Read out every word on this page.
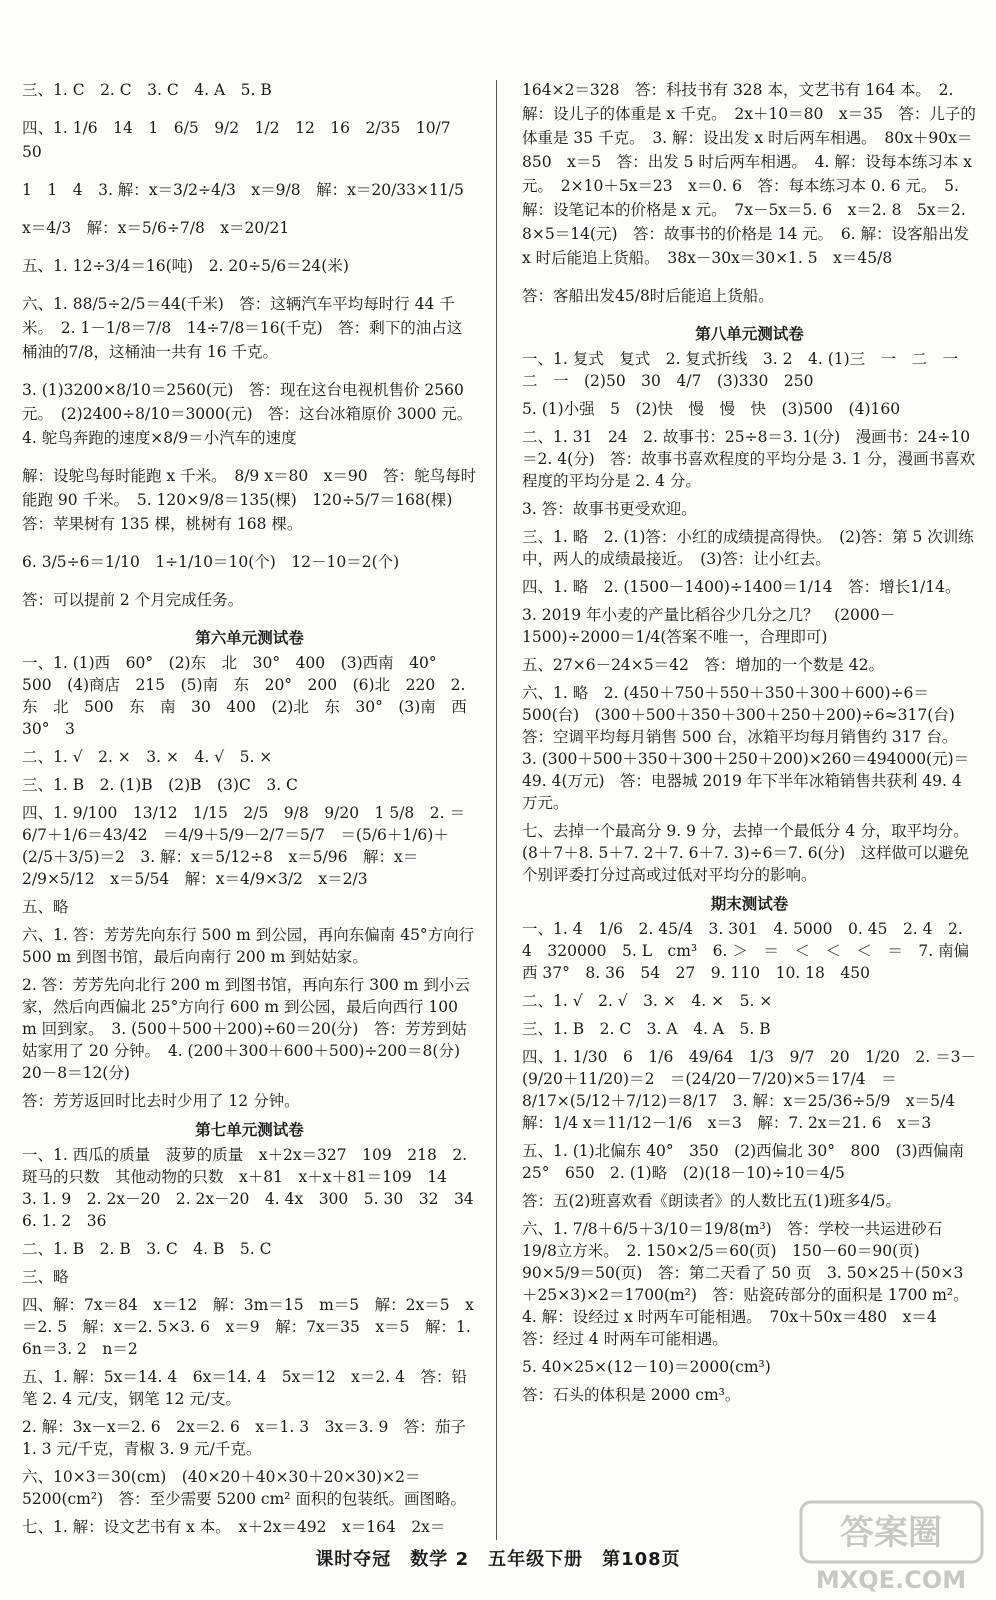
三、1. C　2. C　3. C　4. A　5. B
四、1. 1/6　14　1　6/5　9/2　1/2　12　16　2/35　10/7　50
1　1　4　3. 解：x＝3/2÷4/3　x＝9/8　解：x＝20/33×11/5
x＝4/3　解：x＝5/6÷7/8　x＝20/21
五、1. 12÷3/4＝16(吨)　2. 20÷5/6＝24(米)
六、1. 88/5÷2/5＝44(千米)　答：这辆汽车平均每时行 44 千米。　2. 1－1/8＝7/8　14÷7/8＝16(千克)　答：剩下的油占这桶油的7/8，这桶油一共有 16 千克。
3. (1)3200×8/10＝2560(元)　答：现在这台电视机售价 2560 元。　(2)2400÷8/10＝3000(元)　答：这台冰箱原价 3000 元。　4. 鸵鸟奔跑的速度×8/9＝小汽车的速度
解：设鸵鸟每时能跑 x 千米。　8/9 x＝80　x＝90　答：鸵鸟每时能跑 90 千米。　5. 120×9/8＝135(棵)　120÷5/7＝168(棵)　答：苹果树有 135 棵，桃树有 168 棵。
6. 3/5÷6＝1/10　1÷1/10＝10(个)　12－10＝2(个)
答：可以提前 2 个月完成任务。
第六单元测试卷
一、1. (1)西　60°　(2)东　北　30°　400　(3)西南　40°　500　(4)商店　215　(5)南　东　20°　200　(6)北　220　2. 东　北　500　东　南　30　400　(2)北　东　30°　(3)南　西　30°　3
二、1. √　2. ×　3. ×　4. √　5. ×
三、1. B　2. (1)B　(2)B　(3)C　3. C
四、1. 9/100　13/12　1/15　2/5　9/8　9/20　1 5/8　2. ＝6/7＋1/6＝43/42　＝4/9＋5/9－2/7＝5/7　＝(5/6＋1/6)＋(2/5＋3/5)＝2　3. 解：x＝5/12÷8　x＝5/96　解：x＝2/9×5/12　x＝5/54　解：x＝4/9×3/2　x＝2/3
五、略
六、1. 答：芳芳先向东行 500 m 到公园，再向东偏南 45°方向行 500 m 到图书馆，最后向南行 200 m 到姑姑家。
2. 答：芳芳先向北行 200 m 到图书馆，再向东行 300 m 到小云家，然后向西偏北 25°方向行 600 m 到公园，最后向西行 100 m 回到家。　3. (500＋500＋200)÷60＝20(分)　答：芳芳到姑姑家用了 20 分钟。　4. (200＋300＋600＋500)÷200＝8(分)　20－8＝12(分)
答：芳芳返回时比去时少用了 12 分钟。
第七单元测试卷
一、1. 西瓜的质量　菠萝的质量　x＋2x＝327　109　218　2. 斑马的只数　其他动物的只数　x＋81　x＋x＋81＝109　14　3. 1. 9　2. 2x－20　2. 2x－20　4. 4x　300　5. 30　32　34　6. 1. 2　36
二、1. B　2. B　3. C　4. B　5. C
三、略
四、解：7x＝84　x＝12　解：3m＝15　m＝5　解：2x＝5　x＝2. 5　解：x＝2. 5×3. 6　x＝9　解：7x＝35　x＝5　解：1. 6n＝3. 2　n＝2
五、1. 解：5x＝14. 4　6x＝14. 4　5x＝12　x＝2. 4　答：铅笔 2. 4 元/支，钢笔 12 元/支。
2. 解：3x－x＝2. 6　2x＝2. 6　x＝1. 3　3x＝3. 9　答：茄子 1. 3 元/千克，青椒 3. 9 元/千克。
六、10×3＝30(cm)　(40×20＋40×30＋20×30)×2＝5200(cm²)　答：至少需要 5200 cm² 面积的包装纸。画图略。
七、1. 解：设文艺书有 x 本。　x＋2x＝492　x＝164　2x＝
164×2＝328　答：科技书有 328 本，文艺书有 164 本。　2. 解：设儿子的体重是 x 千克。　2x＋10＝80　x＝35　答：儿子的体重是 35 千克。　3. 解：设出发 x 时后两车相遇。　80x＋90x＝850　x＝5　答：出发 5 时后两车相遇。　4. 解：设每本练习本 x 元。　2×10＋5x＝23　x＝0. 6　答：每本练习本 0. 6 元。　5. 解：设笔记本的价格是 x 元。　7x－5x＝5. 6　x＝2. 8　5x＝2. 8×5＝14(元)　答：故事书的价格是 14 元。　6. 解：设客船出发 x 时后能追上货船。　38x－30x＝30×1. 5　x＝45/8
答：客船出发45/8时后能追上货船。
第八单元测试卷
一、1. 复式　复式　2. 复式折线　3. 2　4. (1)三　一　二　一　二　一　(2)50　30　4/7　(3)330　250
5. (1)小强　5　(2)快　慢　慢　快　(3)500　(4)160
二、1. 31　24　2. 故事书：25÷8＝3. 1(分)　漫画书：24÷10＝2. 4(分)　答：故事书喜欢程度的平均分是 3. 1 分，漫画书喜欢程度的平均分是 2. 4 分。
3. 答：故事书更受欢迎。
三、1. 略　2. (1)答：小红的成绩提高得快。　(2)答：第 5 次训练中，两人的成绩最接近。　(3)答：让小红去。
四、1. 略　2. (1500－1400)÷1400＝1/14　答：增长1/14。
3. 2019 年小麦的产量比稻谷少几分之几？　(2000－1500)÷2000＝1/4(答案不唯一，合理即可)
五、27×6－24×5＝42　答：增加的一个数是 42。
六、1. 略　2. (450＋750＋550＋350＋300＋600)÷6＝500(台)　(300＋500＋350＋300＋250＋200)÷6≈317(台)　答：空调平均每月销售 500 台，冰箱平均每月销售约 317 台。　3. (300＋500＋350＋300＋250＋200)×260＝494000(元)＝49. 4(万元)　答：电器城 2019 年下半年冰箱销售共获利 49. 4 万元。
七、去掉一个最高分 9. 9 分，去掉一个最低分 4 分，取平均分。　(8＋7＋8. 5＋7. 2＋7. 6＋7. 3)÷6＝7. 6(分)　这样做可以避免个别评委打分过高或过低对平均分的影响。
期末测试卷
一、1. 4　1/6　2. 45/4　3. 301　4. 5000　0. 45　2. 4　2. 4　320000　5. L　cm³　6. ＞　＝　＜　＜　＜　＝　7. 南偏西 37°　8. 36　54　27　9. 110　10. 18　450
二、1. √　2. √　3. ×　4. ×　5. ×
三、1. B　2. C　3. A　4. A　5. B
四、1. 1/30　6　1/6　49/64　1/3　9/7　20　1/20　2. ＝3－(9/20＋11/20)＝2　＝(24/20－7/20)×5＝17/4　＝8/17×(5/12＋7/12)＝8/17　3. 解：x＝25/36÷5/9　x＝5/4　解：1/4 x＝11/12－1/6　x＝3　解：7. 2x＝21. 6　x＝3
五、1. (1)北偏东 40°　350　(2)西偏北 30°　800　(3)西偏南 25°　650　2. (1)略　(2)(18－10)÷10＝4/5
答：五(2)班喜欢看《朗读者》的人数比五(1)班多4/5。
六、1. 7/8＋6/5＋3/10＝19/8(m³)　答：学校一共运进砂石19/8立方米。　2. 150×2/5＝60(页)　150－60＝90(页)　90×5/9＝50(页)　答：第二天看了 50 页　3. 50×25＋(50×3＋25×3)×2＝1700(m²)　答：贴瓷砖部分的面积是 1700 m²。　4. 解：设经过 x 时两车可能相遇。　70x＋50x＝480　x＝4　答：经过 4 时两车可能相遇。
5. 40×25×(12－10)＝2000(cm³)
答：石头的体积是 2000 cm³。
课时夺冠　数学 2　五年级下册　第108页
答案圈
MXQE.COM
